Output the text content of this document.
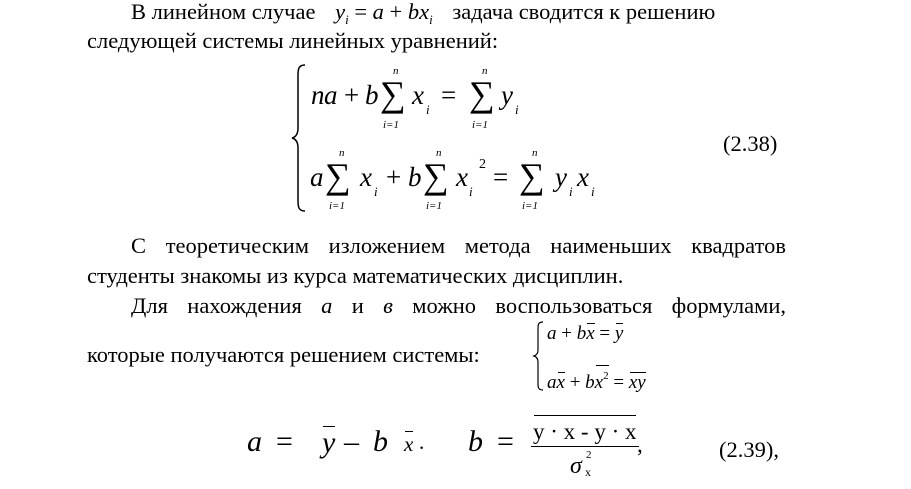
В линейном случае $y_i = a + bx_i$ задача сводится к решению
следующей системы линейных уравнений:
n a + b
n
∑
i=1
x i =
n
∑
i=1
y i
a
n
∑
i=1
x i + b
n
∑
i=1
x i
2 =
n
∑
i=1
y i x i
(2.38)
С теоретическим изложением метода наименьших квадратов
студенты знакомы из курса математических дисциплин.
Для нахождения а и в можно воспользоваться формулами,
которые получаются решением системы:
a + bx = y
ax + $bx^2$ = xy
a = y – b x . b = y · x - y · x
σ 2
x
,	(2.39),
